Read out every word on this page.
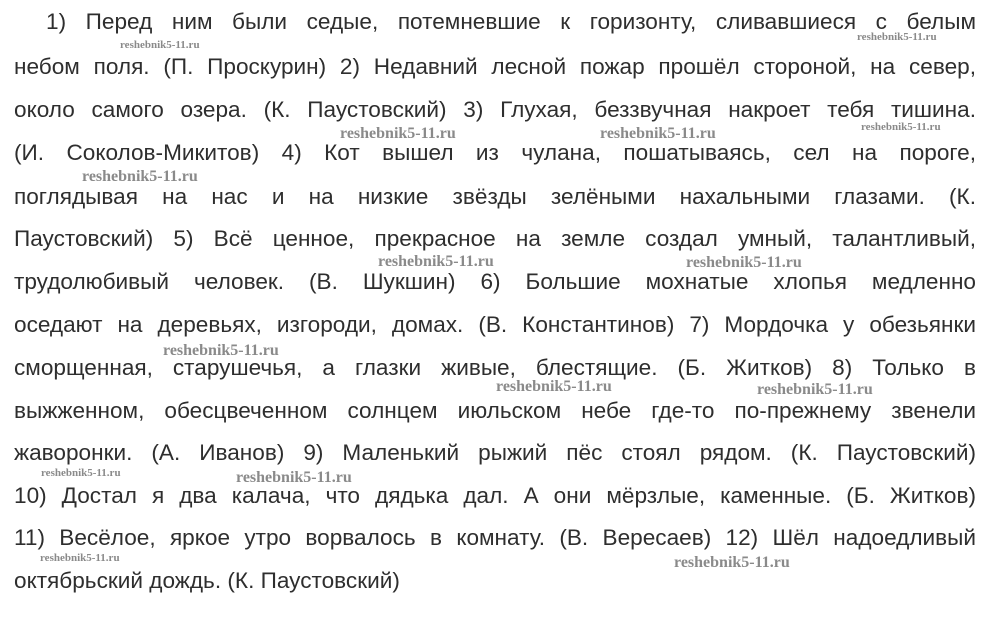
1) Перед ним были седые, потемневшие к горизонту, сливавшиеся с белым
небом поля. (П. Проскурин) 2) Недавний лесной пожар прошёл стороной, на север,
около самого озера. (К. Паустовский) 3) Глухая, беззвучная накроет тебя тишина.
(И. Соколов-Микитов) 4) Кот вышел из чулана, пошатываясь, сел на пороге,
поглядывая на нас и на низкие звёзды зелёными нахальными глазами. (К.
Паустовский) 5) Всё ценное, прекрасное на земле создал умный, талантливый,
трудолюбивый человек. (В. Шукшин) 6) Большие мохнатые хлопья медленно
оседают на деревьях, изгороди, домах. (В. Константинов) 7) Мордочка у обезьянки
сморщенная, старушечья, а глазки живые, блестящие. (Б. Житков) 8) Только в
выжженном, обесцвеченном солнцем июльском небе где-то по-прежнему звенели
жаворонки. (А. Иванов) 9) Маленький рыжий пёс стоял рядом. (К. Паустовский)
10) Достал я два калача, что дядька дал. А они мёрзлые, каменные. (Б. Житков)
11) Весёлое, яркое утро ворвалось в комнату. (В. Вересаев) 12) Шёл надоедливый
октябрьский дождь. (К. Паустовский)
reshebnik5-11.ru
reshebnik5-11.ru
reshebnik5-11.ru
reshebnik5-11.ru	reshebnik5-11.ru
reshebnik5-11.ru
reshebnik5-11.ru	reshebnik5-11.ru
reshebnik5-11.ru
reshebnik5-11.ru	reshebnik5-11.ru
reshebnik5-11.ru	reshebnik5-11.ru
reshebnik5-11.ru	reshebnik5-11.ru
